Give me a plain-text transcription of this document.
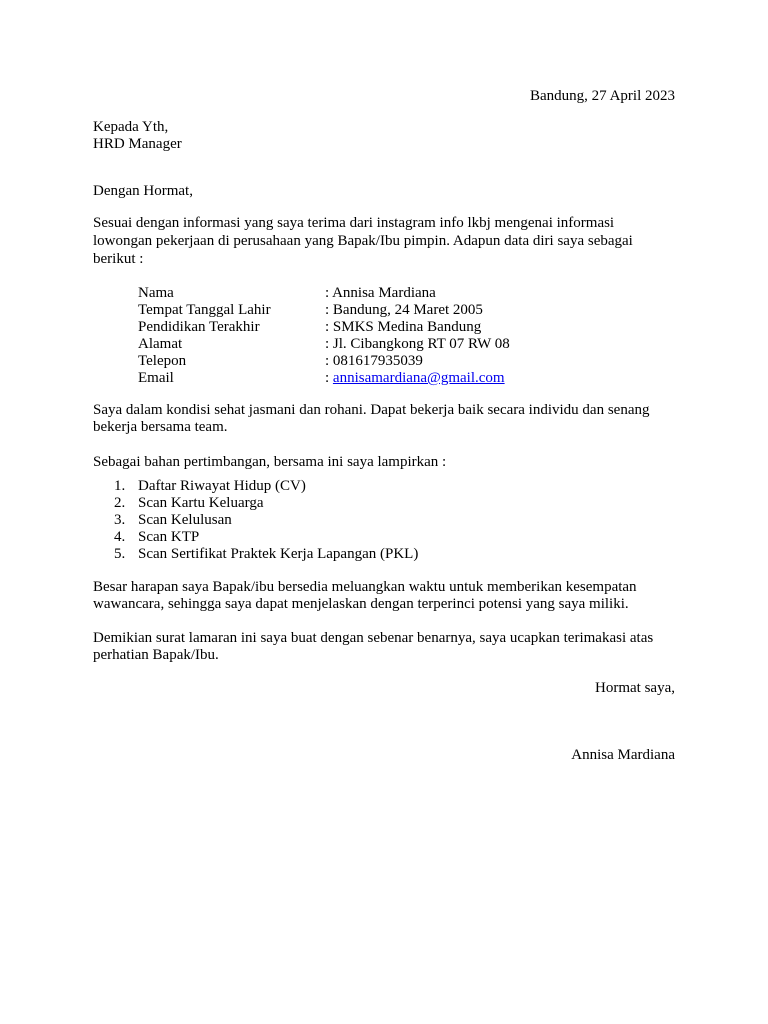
Bandung, 27 April 2023
Kepada Yth,
HRD Manager
Dengan Hormat,

Sesuai dengan informasi yang saya terima dari instagram info lkbj mengenai informasi lowongan pekerjaan di perusahaan yang Bapak/Ibu pimpin. Adapun data diri saya sebagai berikut :

Nama	: Annisa Mardiana
Tempat Tanggal Lahir	: Bandung, 24 Maret 2005
Pendidikan Terakhir	: SMKS Medina Bandung
Alamat	: Jl. Cibangkong RT 07 RW 08
Telepon	: 081617935039
Email	: annisamardiana@gmail.com

Saya dalam kondisi sehat jasmani dan rohani. Dapat bekerja baik secara individu dan senang bekerja bersama team.

Sebagai bahan pertimbangan, bersama ini saya lampirkan :
1. Daftar Riwayat Hidup (CV)
2. Scan Kartu Keluarga
3. Scan Kelulusan
4. Scan KTP
5. Scan Sertifikat Praktek Kerja Lapangan (PKL)

Besar harapan saya Bapak/ibu bersedia meluangkan waktu untuk memberikan kesempatan wawancara, sehingga saya dapat menjelaskan dengan terperinci potensi yang saya miliki.

Demikian surat lamaran ini saya buat dengan sebenar benarnya, saya ucapkan terimakasi atas perhatian Bapak/Ibu.

Hormat saya,
Annisa Mardiana
